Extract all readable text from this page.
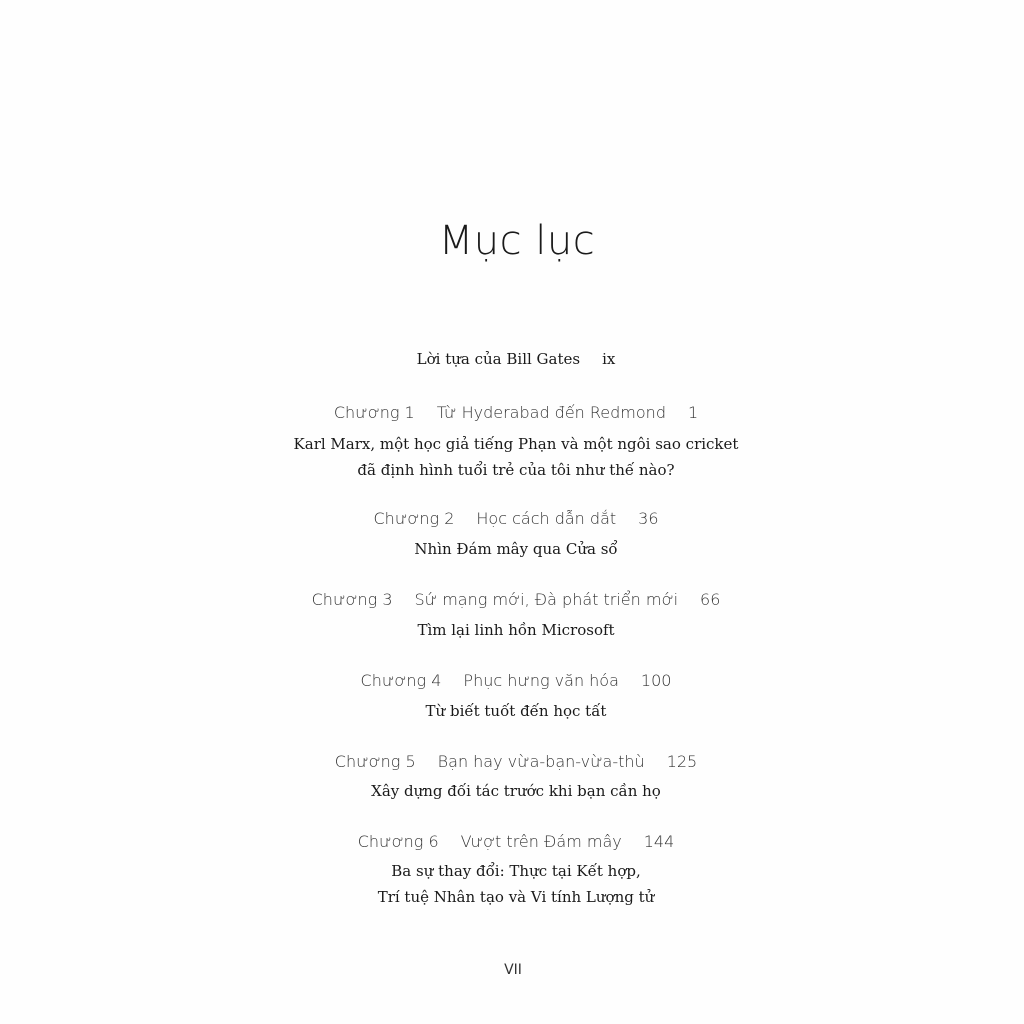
Mục lục
Lời tựa của Bill Gates ix
Chương 1 Từ Hyderabad đến Redmond 1
Karl Marx, một học giả tiếng Phạn và một ngôi sao cricket
đã định hình tuổi trẻ của tôi như thế nào?
Chương 2 Học cách dẫn dắt 36
Nhìn Đám mây qua Cửa sổ
Chương 3 Sứ mạng mới, Đà phát triển mới 66
Tìm lại linh hồn Microsoft
Chương 4 Phục hưng văn hóa 100
Từ biết tuốt đến học tất
Chương 5 Bạn hay vừa-bạn-vừa-thù 125
Xây dựng đối tác trước khi bạn cần họ
Chương 6 Vượt trên Đám mây 144
Ba sự thay đổi: Thực tại Kết hợp,
Trí tuệ Nhân tạo và Vi tính Lượng tử
VII
